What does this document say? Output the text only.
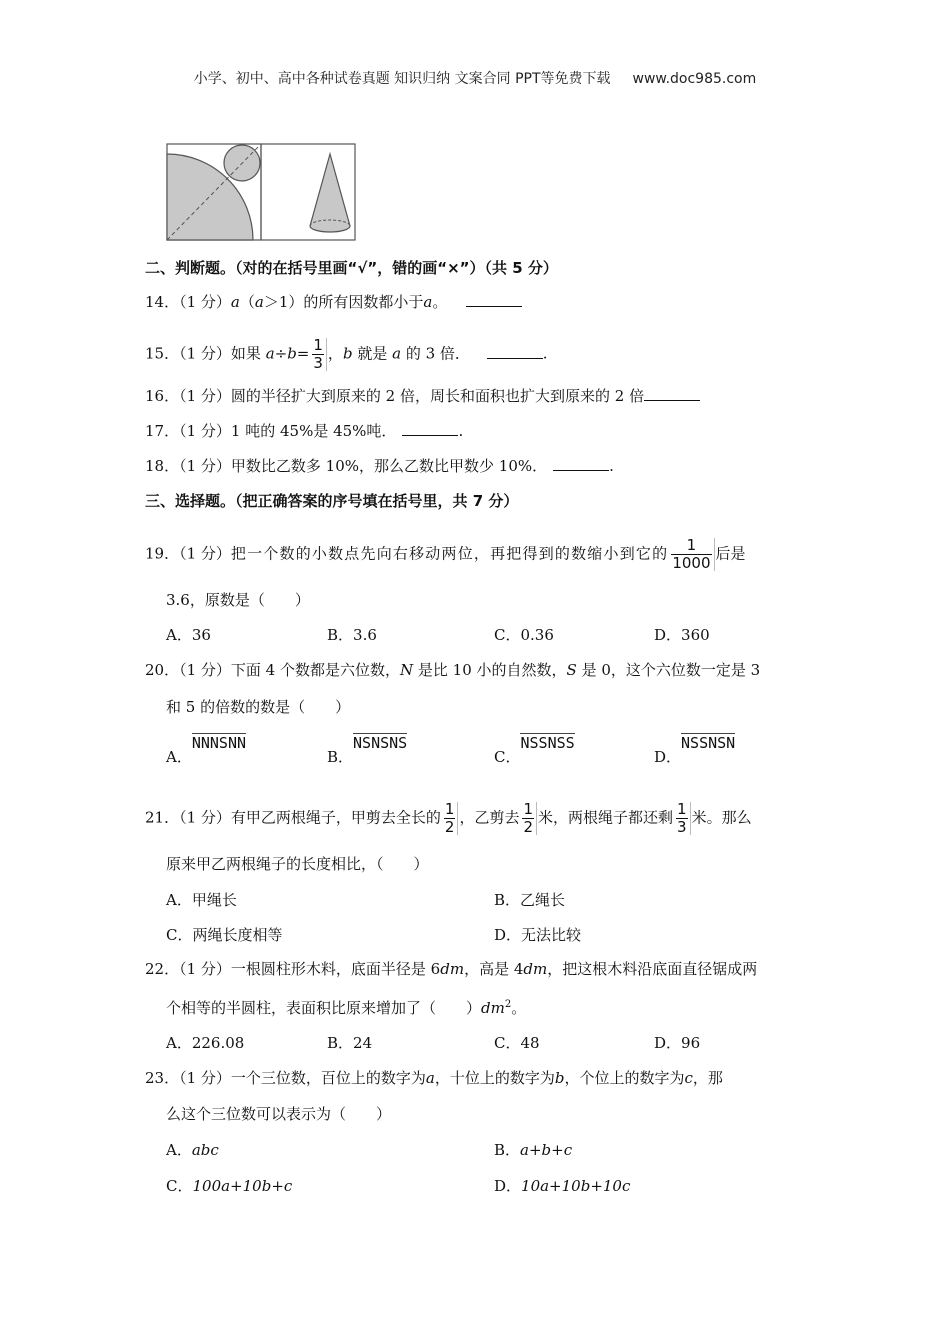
小学、初中、高中各种试卷真题 知识归纳 文案合同 PPT等免费下载 www.doc985.com
二、判断题。（对的在括号里画“√”，错的画“×”）（共 5 分）
14．（1 分）a（a＞1）的所有因数都小于a。
15．（1 分）如果 $a\div b= \frac{1}{3}$ ，b 就是 a 的 3 倍．	.
16．（1 分）圆的半径扩大到原来的 2 倍，周长和面积也扩大到原来的 2 倍
17．（1 分）1 吨的 45%是 45%吨．	.
18．（1 分）甲数比乙数多 10%，那么乙数比甲数少 10%．	.
三、选择题。（把正确答案的序号填在括号里，共 7 分）
19．（1 分）把一个数的小数点先向右移动两位，再把得到的数缩小到它的 $\frac{1}{1000}$ 后是
3.6，原数是（　　）
A．36	B．3.6	C．0.36	D．360
20．（1 分）下面 4 个数都是六位数，N 是比 10 小的自然数，S 是 0，这个六位数一定是 3
和 5 的倍数的数是（　　）
A．NNNSNN
B．NSNSNS
C．NSSNSS
D．NSSNSN
21．（1 分）有甲乙两根绳子，甲剪去全长的 $\frac{1}{2}$ ，乙剪去 $\frac{1}{2}$ 米，两根绳子都还剩 $\frac{1}{3}$ 米。那么
原来甲乙两根绳子的长度相比，（　　）
A．甲绳长	B．乙绳长
C．两绳长度相等	D．无法比较
22．（1 分）一根圆柱形木料，底面半径是 6dm，高是 4dm，把这根木料沿底面直径锯成两
个相等的半圆柱，表面积比原来增加了（　　）$dm^2$。
A．226.08	B．24	C．48	D．96
23．（1 分）一个三位数，百位上的数字为a，十位上的数字为b，个位上的数字为c，那
么这个三位数可以表示为（　　）
A．abc	B．a+b+c
C．100a+10b+c	D．10a+10b+10c
